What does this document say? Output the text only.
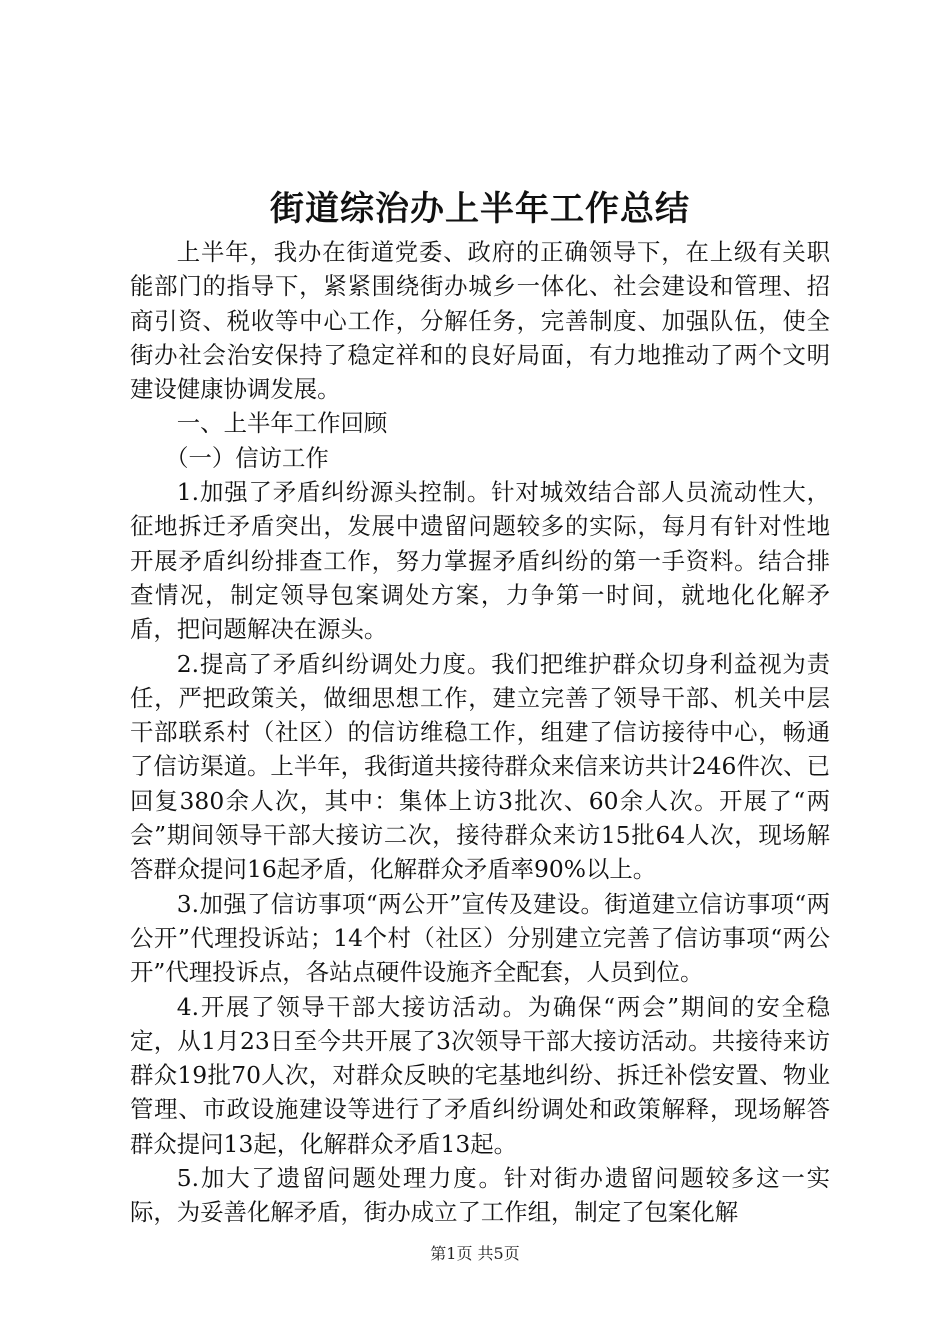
街道综治办上半年工作总结

上半年，我办在街道党委、政府的正确领导下，在上级有关职能部门的指导下，紧紧围绕街办城乡一体化、社会建设和管理、招商引资、税收等中心工作，分解任务，完善制度、加强队伍，使全街办社会治安保持了稳定祥和的良好局面，有力地推动了两个文明建设健康协调发展。

一、上半年工作回顾

（一）信访工作

1.加强了矛盾纠纷源头控制。针对城效结合部人员流动性大，征地拆迁矛盾突出，发展中遗留问题较多的实际，每月有针对性地开展矛盾纠纷排查工作，努力掌握矛盾纠纷的第一手资料。结合排查情况，制定领导包案调处方案，力争第一时间，就地化化解矛盾，把问题解决在源头。

2.提高了矛盾纠纷调处力度。我们把维护群众切身利益视为责任，严把政策关，做细思想工作，建立完善了领导干部、机关中层干部联系村（社区）的信访维稳工作，组建了信访接待中心，畅通了信访渠道。上半年，我街道共接待群众来信来访共计246件次、已回复380余人次，其中：集体上访3批次、60余人次。开展了“两会”期间领导干部大接访二次，接待群众来访15批64人次，现场解答群众提问16起矛盾，化解群众矛盾率90%以上。

3.加强了信访事项“两公开”宣传及建设。街道建立信访事项“两公开”代理投诉站；14个村（社区）分别建立完善了信访事项“两公开”代理投诉点，各站点硬件设施齐全配套，人员到位。

4.开展了领导干部大接访活动。为确保“两会”期间的安全稳定，从1月23日至今共开展了3次领导干部大接访活动。共接待来访群众19批70人次，对群众反映的宅基地纠纷、拆迁补偿安置、物业管理、市政设施建设等进行了矛盾纠纷调处和政策解释，现场解答群众提问13起，化解群众矛盾13起。

5.加大了遗留问题处理力度。针对街办遗留问题较多这一实际，为妥善化解矛盾，街办成立了工作组，制定了包案化解

第1页 共5页
